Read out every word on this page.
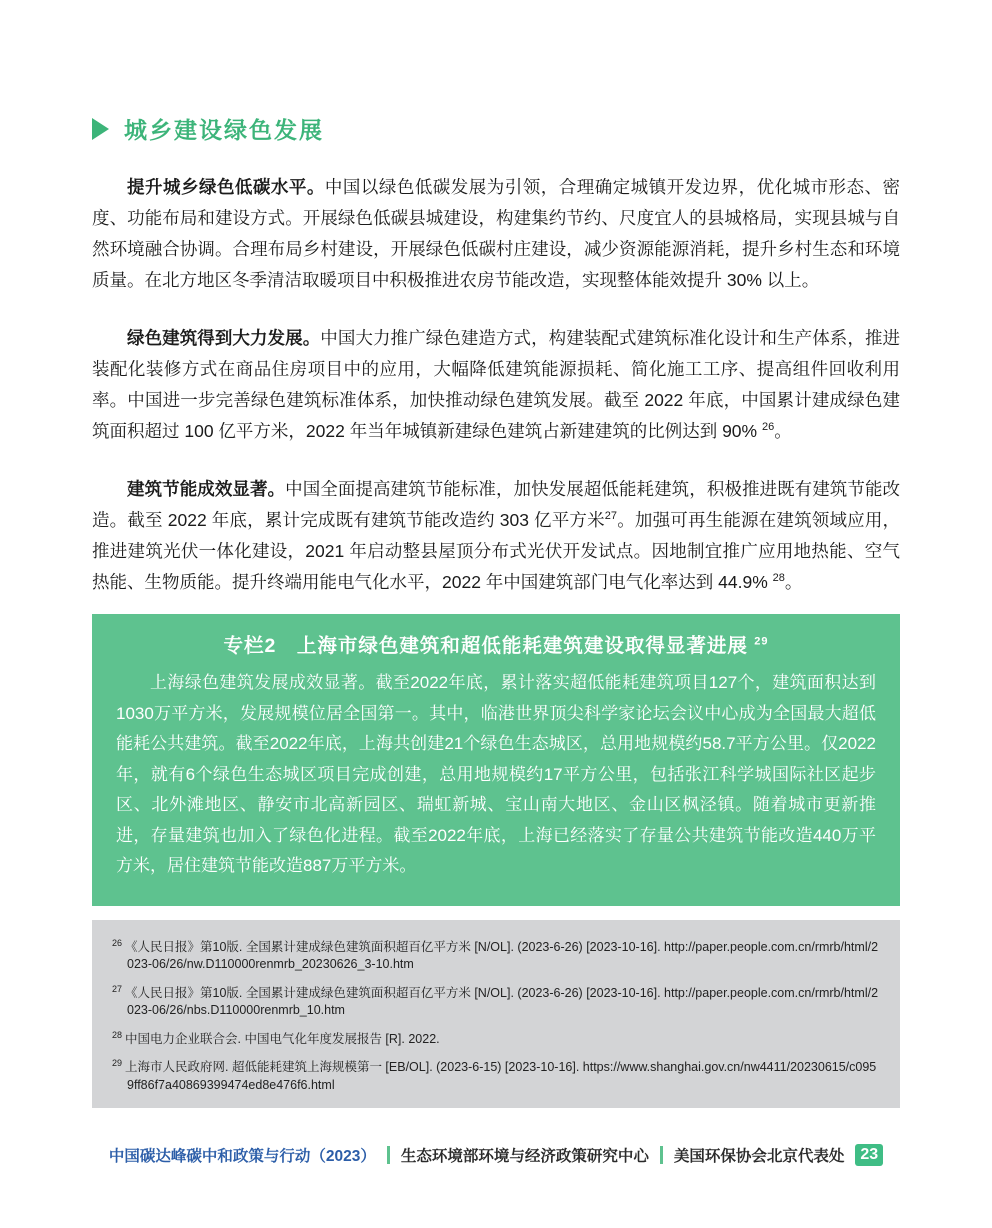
城乡建设绿色发展

提升城乡绿色低碳水平。中国以绿色低碳发展为引领，合理确定城镇开发边界，优化城市形态、密度、功能布局和建设方式。开展绿色低碳县城建设，构建集约节约、尺度宜人的县城格局，实现县城与自然环境融合协调。合理布局乡村建设，开展绿色低碳村庄建设，减少资源能源消耗，提升乡村生态和环境质量。在北方地区冬季清洁取暖项目中积极推进农房节能改造，实现整体能效提升 30% 以上。

绿色建筑得到大力发展。中国大力推广绿色建造方式，构建装配式建筑标准化设计和生产体系，推进装配化装修方式在商品住房项目中的应用，大幅降低建筑能源损耗、简化施工工序、提高组件回收利用率。中国进一步完善绿色建筑标准体系，加快推动绿色建筑发展。截至 2022 年底，中国累计建成绿色建筑面积超过 100 亿平方米，2022 年当年城镇新建绿色建筑占新建建筑的比例达到 90% $^{26}$。

建筑节能成效显著。中国全面提高建筑节能标准，加快发展超低能耗建筑，积极推进既有建筑节能改造。截至 2022 年底，累计完成既有建筑节能改造约 303 亿平方米$^{27}$。加强可再生能源在建筑领域应用，推进建筑光伏一体化建设，2021 年启动整县屋顶分布式光伏开发试点。因地制宜推广应用地热能、空气热能、生物质能。提升终端用能电气化水平，2022 年中国建筑部门电气化率达到 44.9% $^{28}$。

专栏2　上海市绿色建筑和超低能耗建筑建设取得显著进展 $^{29}$

上海绿色建筑发展成效显著。截至2022年底，累计落实超低能耗建筑项目127个，建筑面积达到1030万平方米，发展规模位居全国第一。其中，临港世界顶尖科学家论坛会议中心成为全国最大超低能耗公共建筑。截至2022年底，上海共创建21个绿色生态城区，总用地规模约58.7平方公里。仅2022年，就有6个绿色生态城区项目完成创建，总用地规模约17平方公里，包括张江科学城国际社区起步区、北外滩地区、静安市北高新园区、瑞虹新城、宝山南大地区、金山区枫泾镇。随着城市更新推进，存量建筑也加入了绿色化进程。截至2022年底，上海已经落实了存量公共建筑节能改造440万平方米，居住建筑节能改造887万平方米。

$^{26}$ 《人民日报》第10版. 全国累计建成绿色建筑面积超百亿平方米 [N/OL]. (2023-6-26) [2023-10-16]. http://paper.people.com.cn/rmrb/html/2023-06/26/nw.D110000renmrb_20230626_3-10.htm

$^{27}$ 《人民日报》第10版. 全国累计建成绿色建筑面积超百亿平方米 [N/OL]. (2023-6-26) [2023-10-16]. http://paper.people.com.cn/rmrb/html/2023-06/26/nbs.D110000renmrb_10.htm

$^{28}$ 中国电力企业联合会. 中国电气化年度发展报告 [R]. 2022.

$^{29}$ 上海市人民政府网. 超低能耗建筑上海规模第一 [EB/OL]. (2023-6-15) [2023-10-16]. https://www.shanghai.gov.cn/nw4411/20230615/c0959ff86f7a40869399474ed8e476f6.html

中国碳达峰碳中和政策与行动（2023） 生态环境部环境与经济政策研究中心 美国环保协会北京代表处	23
